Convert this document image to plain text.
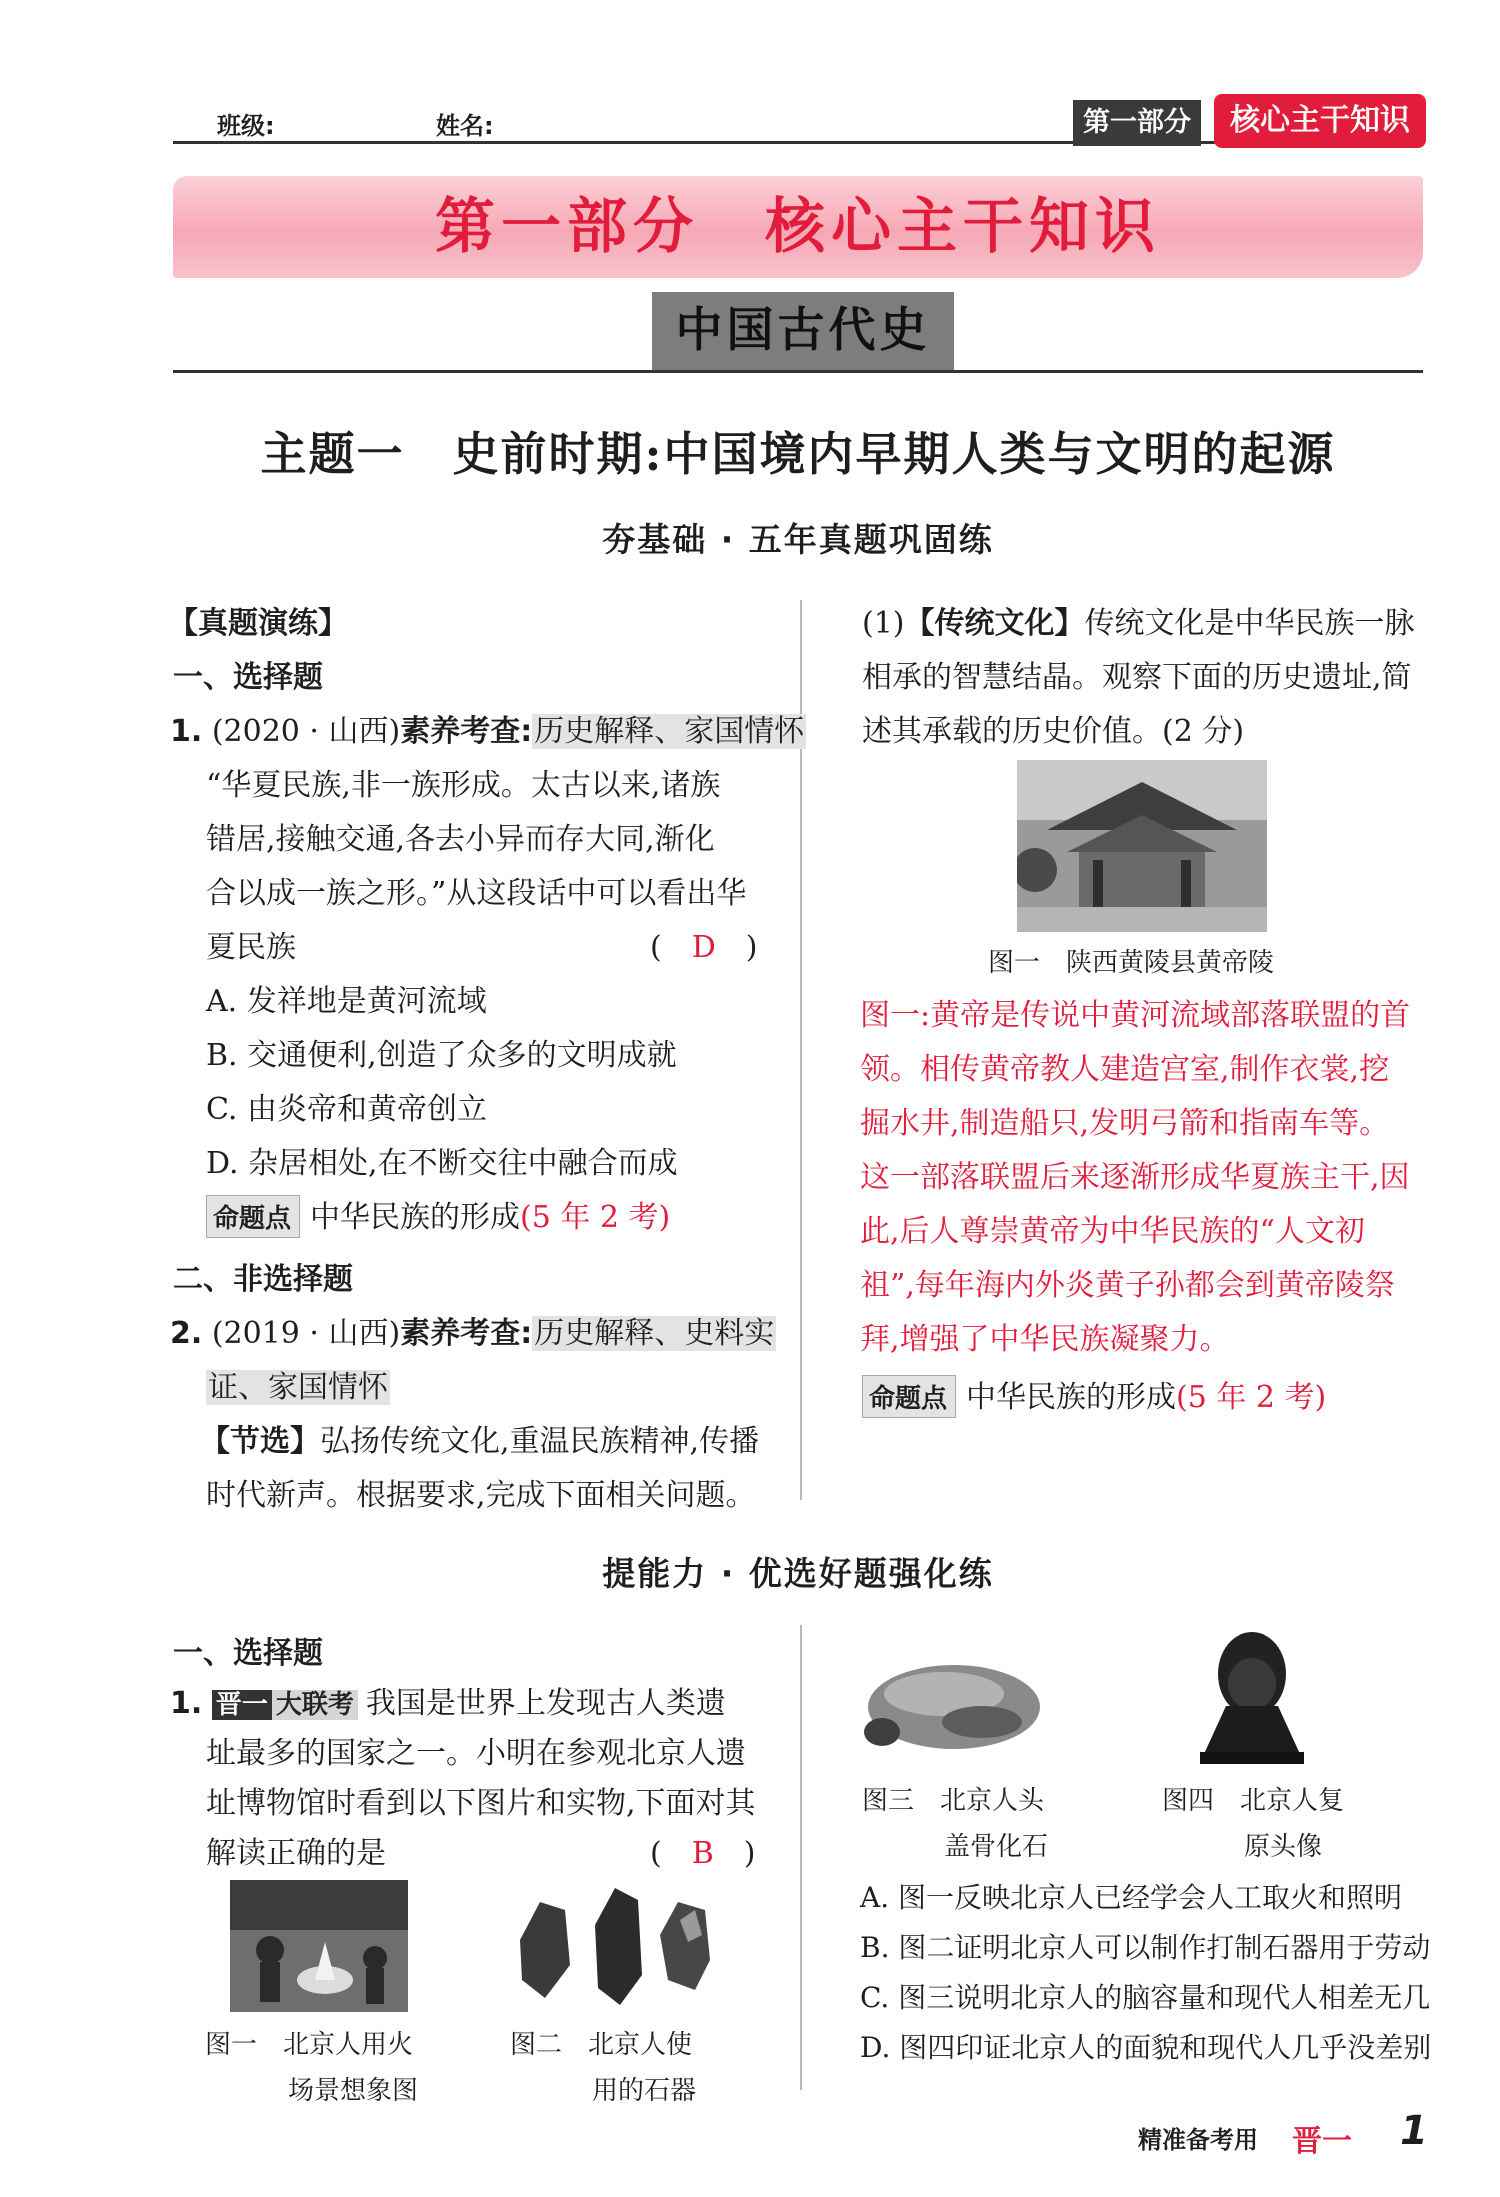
班级:	姓名:	第一部分	核心主干知识
第一部分　核心主干知识
中国古代史
主题一　史前时期:中国境内早期人类与文明的起源
夯基础 · 五年真题巩固练
【真题演练】
一、选择题
1. (2020 · 山西)素养考查:历史解释、家国情怀
“华夏民族,非一族形成。太古以来,诸族
错居,接触交通,各去小异而存大同,渐化
合以成一族之形。”从这段话中可以看出华
夏民族	(　D　)
A. 发祥地是黄河流域
B. 交通便利,创造了众多的文明成就
C. 由炎帝和黄帝创立
D. 杂居相处,在不断交往中融合而成
命题点 中华民族的形成(5 年 2 考)
二、非选择题
2. (2019 · 山西)素养考查:历史解释、史料实
证、家国情怀
【节选】弘扬传统文化,重温民族精神,传播
时代新声。根据要求,完成下面相关问题。
(1)【传统文化】传统文化是中华民族一脉
相承的智慧结晶。观察下面的历史遗址,简
述其承载的历史价值。(2 分)
图一　陕西黄陵县黄帝陵
图一:黄帝是传说中黄河流域部落联盟的首
领。相传黄帝教人建造宫室,制作衣裳,挖
掘水井,制造船只,发明弓箭和指南车等。
这一部落联盟后来逐渐形成华夏族主干,因
此,后人尊崇黄帝为中华民族的“人文初
祖”,每年海内外炎黄子孙都会到黄帝陵祭
拜,增强了中华民族凝聚力。
命题点 中华民族的形成(5 年 2 考)
提能力 · 优选好题强化练
一、选择题
1. 晋一 大联考 我国是世界上发现古人类遗
址最多的国家之一。小明在参观北京人遗
址博物馆时看到以下图片和实物,下面对其
解读正确的是	(　B　)
图一　北京人用火
场景想象图
图二　北京人使
用的石器
图三　北京人头
盖骨化石
图四　北京人复
原头像
A. 图一反映北京人已经学会人工取火和照明
B. 图二证明北京人可以制作打制石器用于劳动
C. 图三说明北京人的脑容量和现代人相差无几
D. 图四印证北京人的面貌和现代人几乎没差别
精准备考用 晋一 1
